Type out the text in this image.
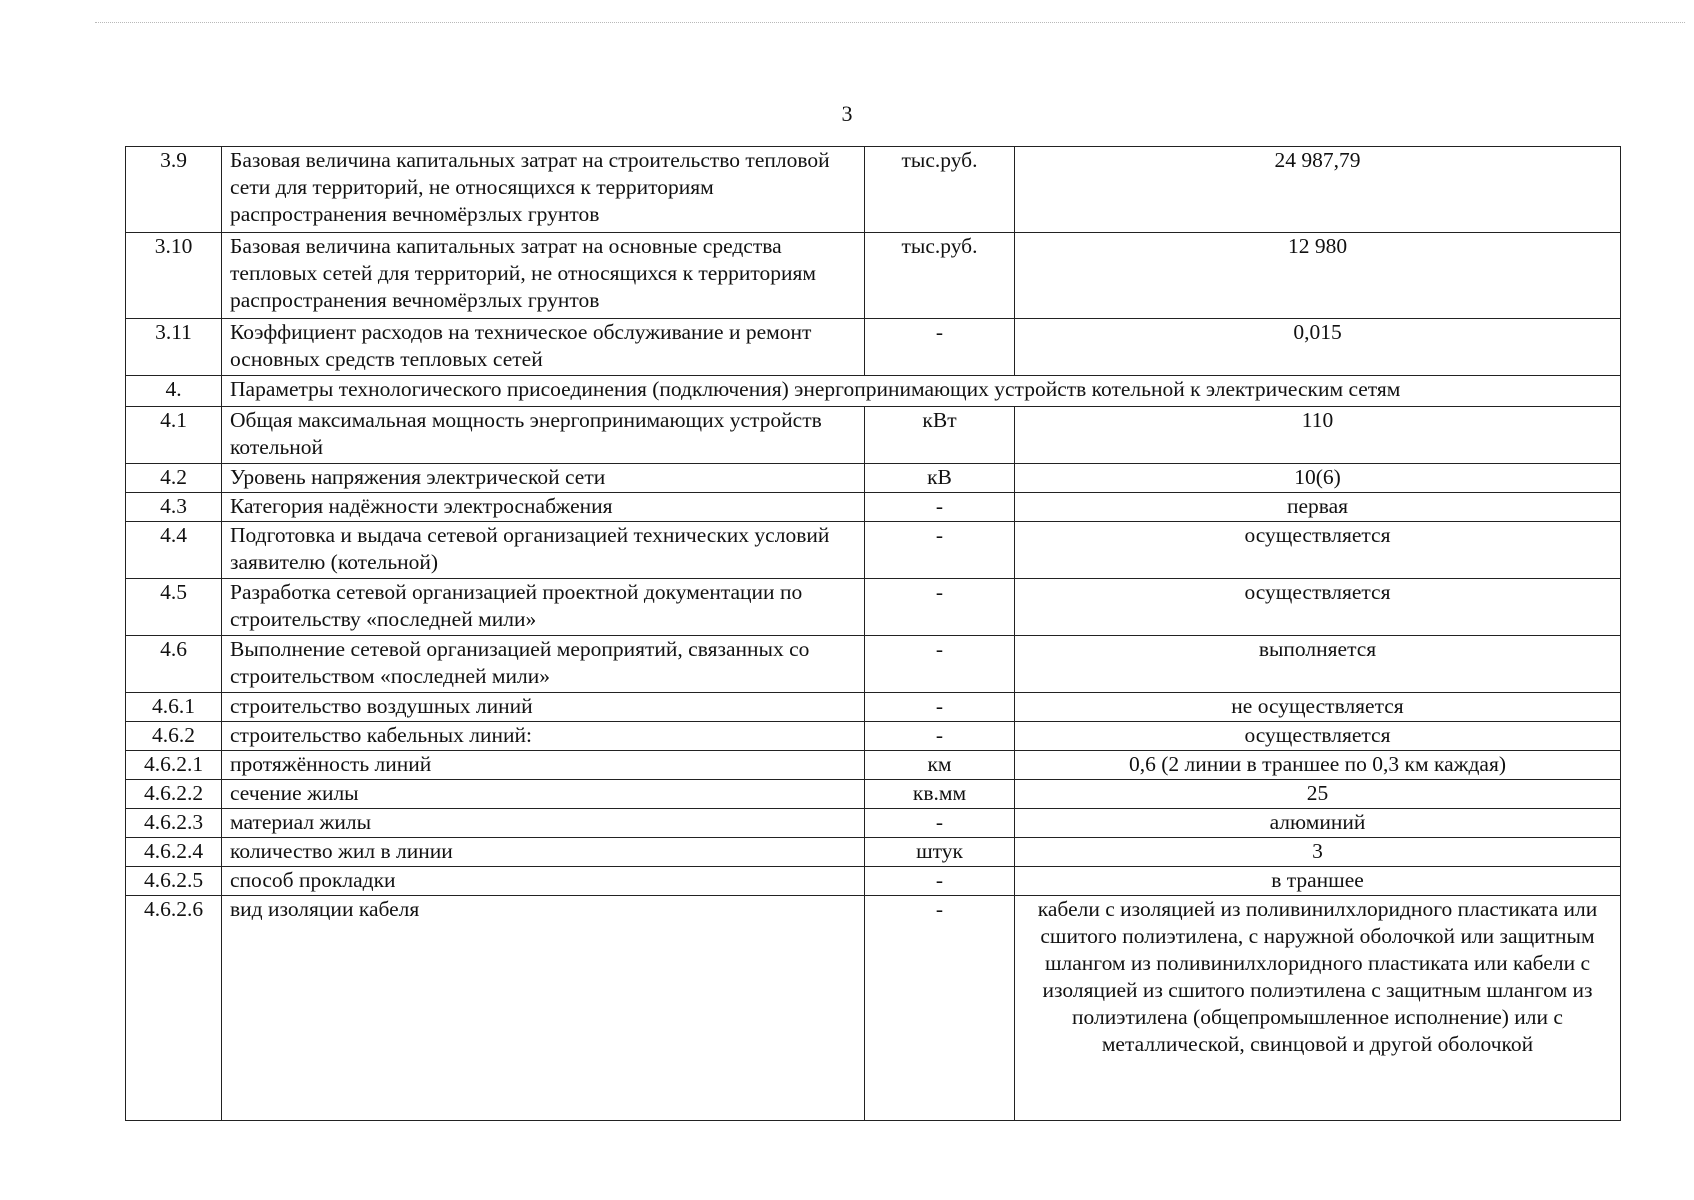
3
3.9	Базовая величина капитальных затрат на строительство тепловой сети для территорий, не относящихся к территориям распространения вечномёрзлых грунтов	тыс.руб.	24 987,79
3.10	Базовая величина капитальных затрат на основные средства тепловых сетей для территорий, не относящихся к территориям распространения вечномёрзлых грунтов	тыс.руб.	12 980
3.11	Коэффициент расходов на техническое обслуживание и ремонт основных средств тепловых сетей	-	0,015
4.	Параметры технологического присоединения (подключения) энергопринимающих устройств котельной к электрическим сетям		
4.1	Общая максимальная мощность энергопринимающих устройств котельной	кВт	110
4.2	Уровень напряжения электрической сети	кВ	10(6)
4.3	Категория надёжности электроснабжения	-	первая
4.4	Подготовка и выдача сетевой организацией технических условий заявителю (котельной)	-	осуществляется
4.5	Разработка сетевой организацией проектной документации по строительству «последней мили»	-	осуществляется
4.6	Выполнение сетевой организацией мероприятий, связанных со строительством «последней мили»	-	выполняется
4.6.1	строительство воздушных линий	-	не осуществляется
4.6.2	строительство кабельных линий:	-	осуществляется
4.6.2.1	протяжённость линий	км	0,6 (2 линии в траншее по 0,3 км каждая)
4.6.2.2	сечение жилы	кв.мм	25
4.6.2.3	материал жилы	-	алюминий
4.6.2.4	количество жил в линии	штук	3
4.6.2.5	способ прокладки	-	в траншее
4.6.2.6	вид изоляции кабеля	-	кабели с изоляцией из поливинилхлоридного пластиката или сшитого полиэтилена, с наружной оболочкой или защитным шлангом из поливинилхлоридного пластиката или кабели с изоляцией из сшитого полиэтилена с защитным шлангом из полиэтилена (общепромышленное исполнение) или с металлической, свинцовой и другой оболочкой
